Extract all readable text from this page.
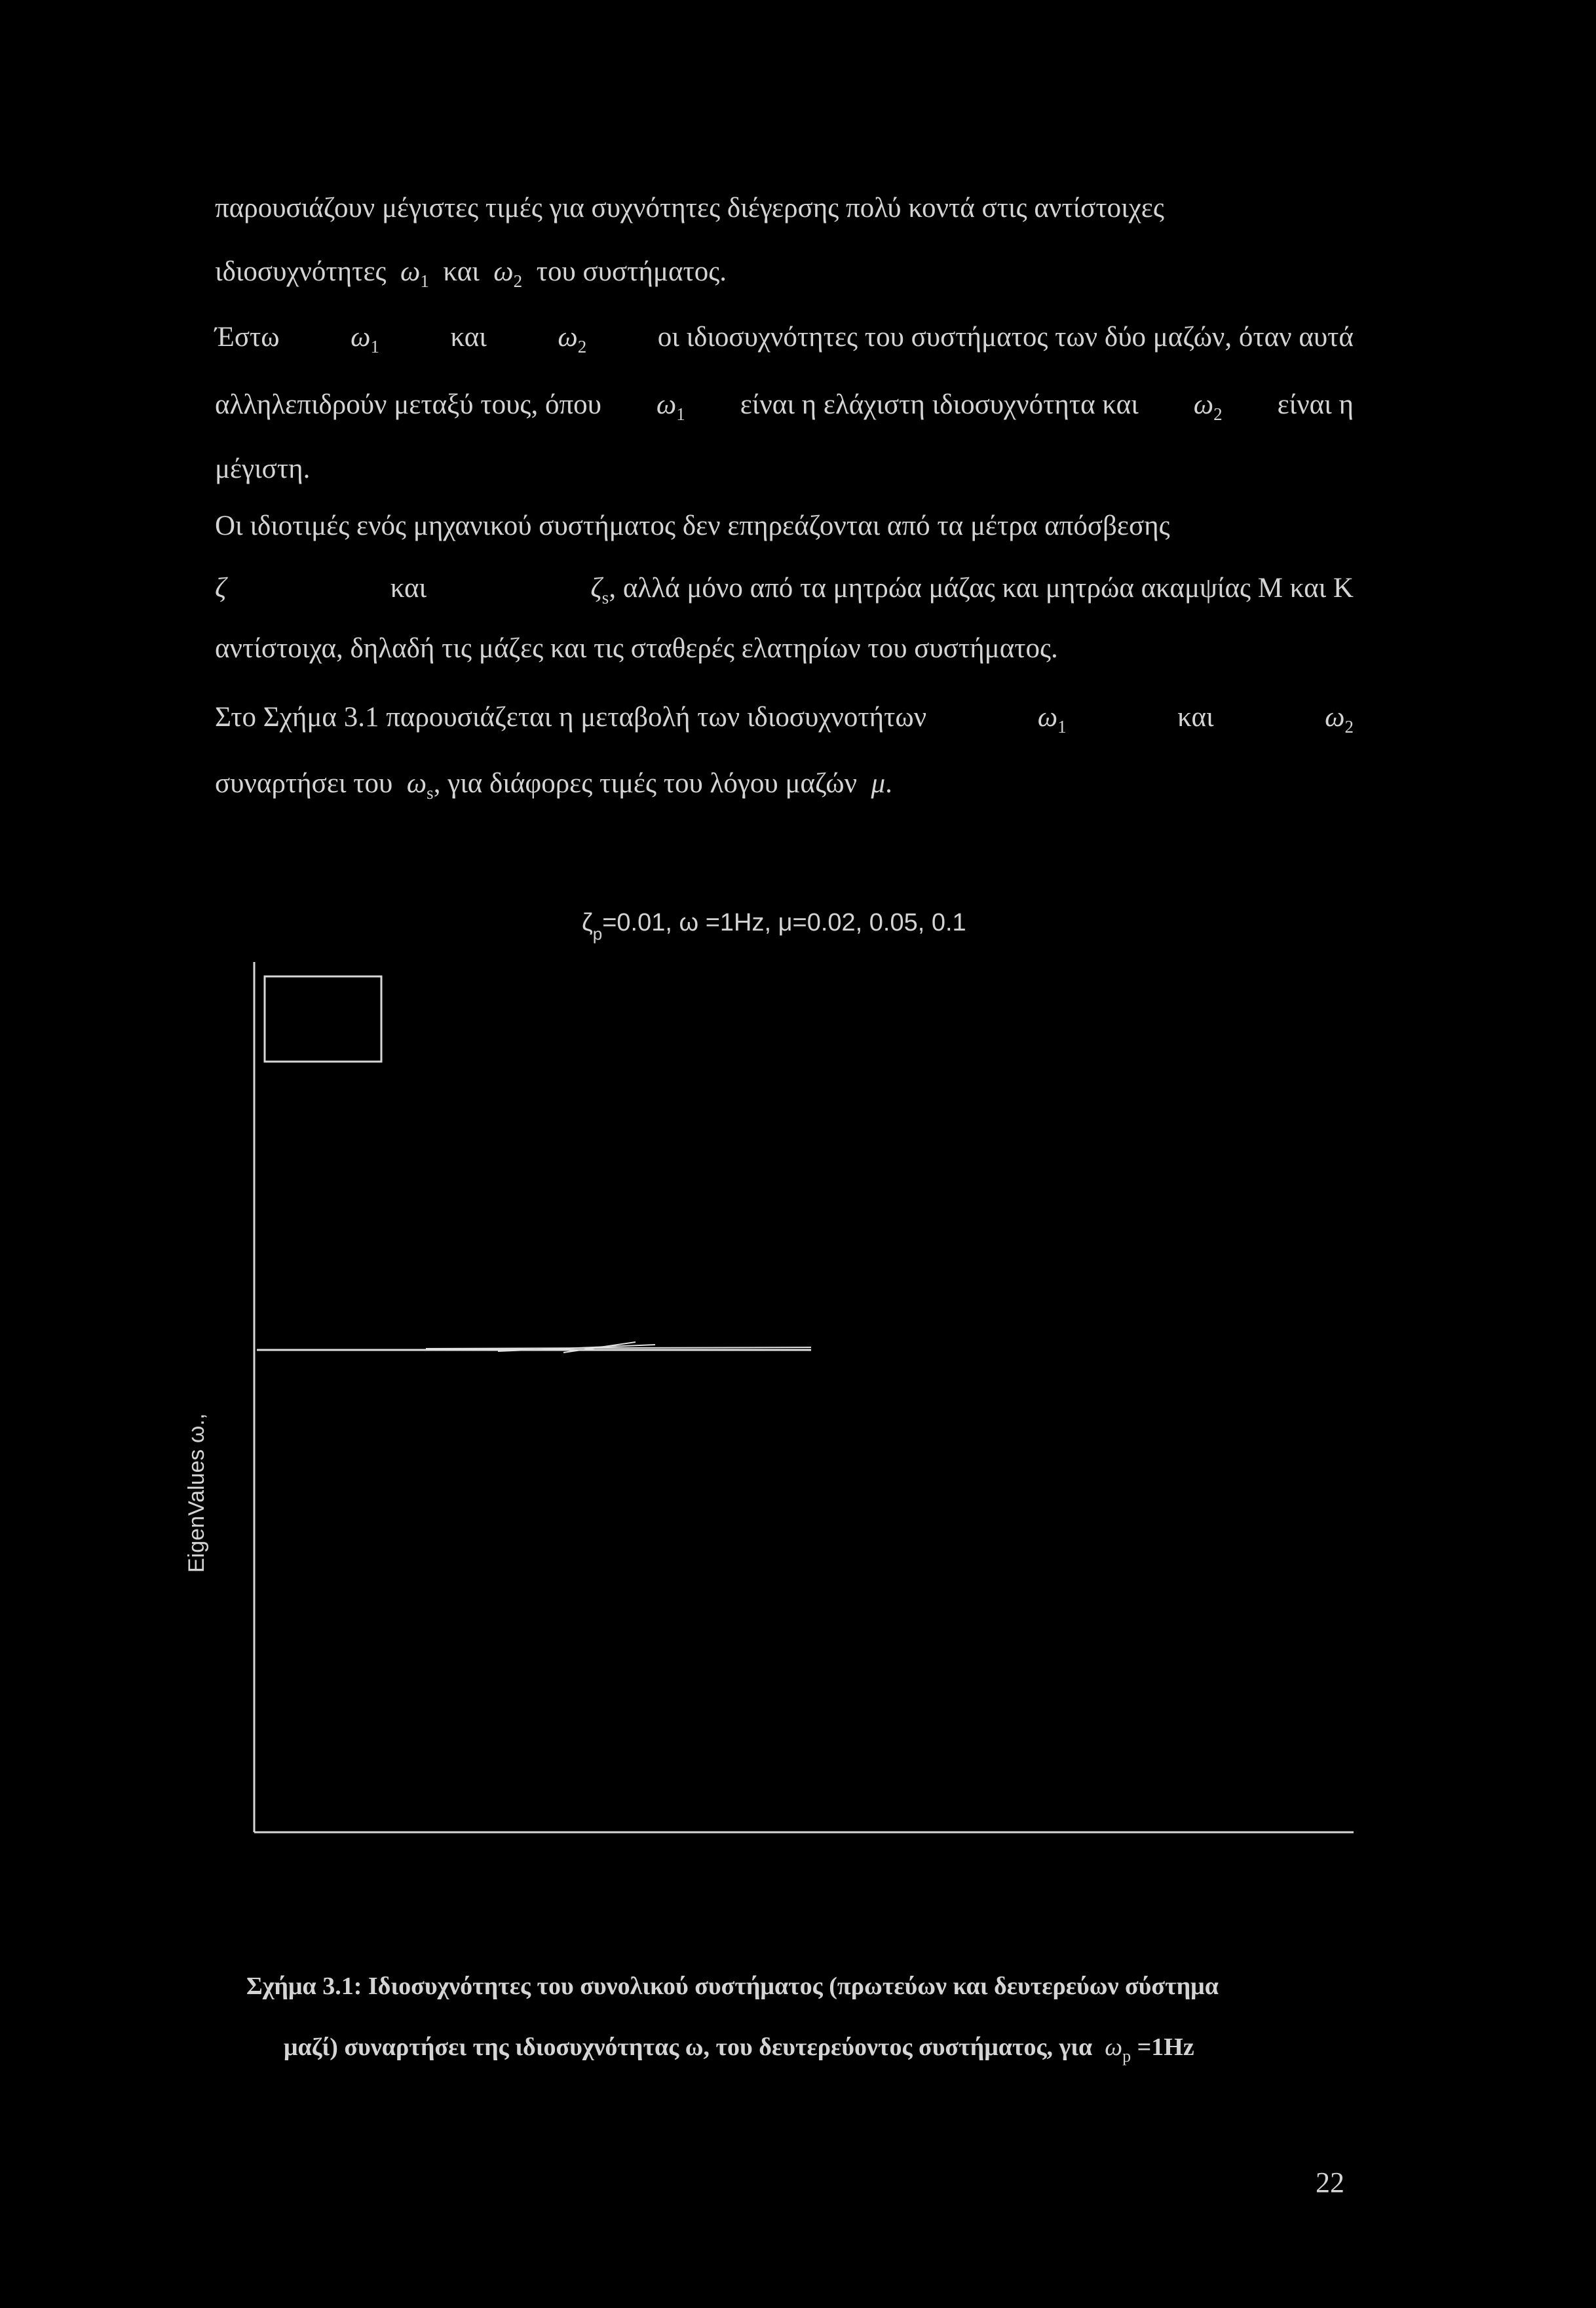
παρουσιάζουν μέγιστες τιμές για συχνότητες διέγερσης πολύ κοντά στις αντίστοιχες
ιδιοσυχνότητες $\omega_1$ και $\omega_2$ του συστήματος.
Έστω	$\omega_1$	και	$\omega_2$	οι ιδιοσυχνότητες του συστήματος των δύο μαζών, όταν αυτά
αλληλεπιδρούν μεταξύ τους, όπου $\omega_1$ είναι η ελάχιστη ιδιοσυχνότητα και $\omega_2$ είναι η
μέγιστη.
Οι ιδιοτιμές ενός μηχανικού συστήματος δεν επηρεάζονται από τα μέτρα απόσβεσης
ζ	και	$\zeta_s$, αλλά μόνο από τα μητρώα μάζας και μητρώα ακαμψίας Μ και Κ
αντίστοιχα, δηλαδή τις μάζες και τις σταθερές ελατηρίων του συστήματος.
Στο Σχήμα 3.1 παρουσιάζεται η μεταβολή των ιδιοσυχνοτήτων	$\omega_1$	και	$\omega_2$
συναρτήσει του $\omega_s$, για διάφορες τιμές του λόγου μαζών μ.
$\zeta_p=0.01$, ω =1Hz, μ=0.02, 0.05, 0.1
EigenValues ω.,
Σχήμα 3.1: Ιδιοσυχνότητες του συνολικού συστήματος (πρωτεύων και δευτερεύων σύστημα
μαζί) συναρτήσει της ιδιοσυχνότητας ω, του δευτερεύοντος συστήματος, για $\omega_p =1Hz$
22
